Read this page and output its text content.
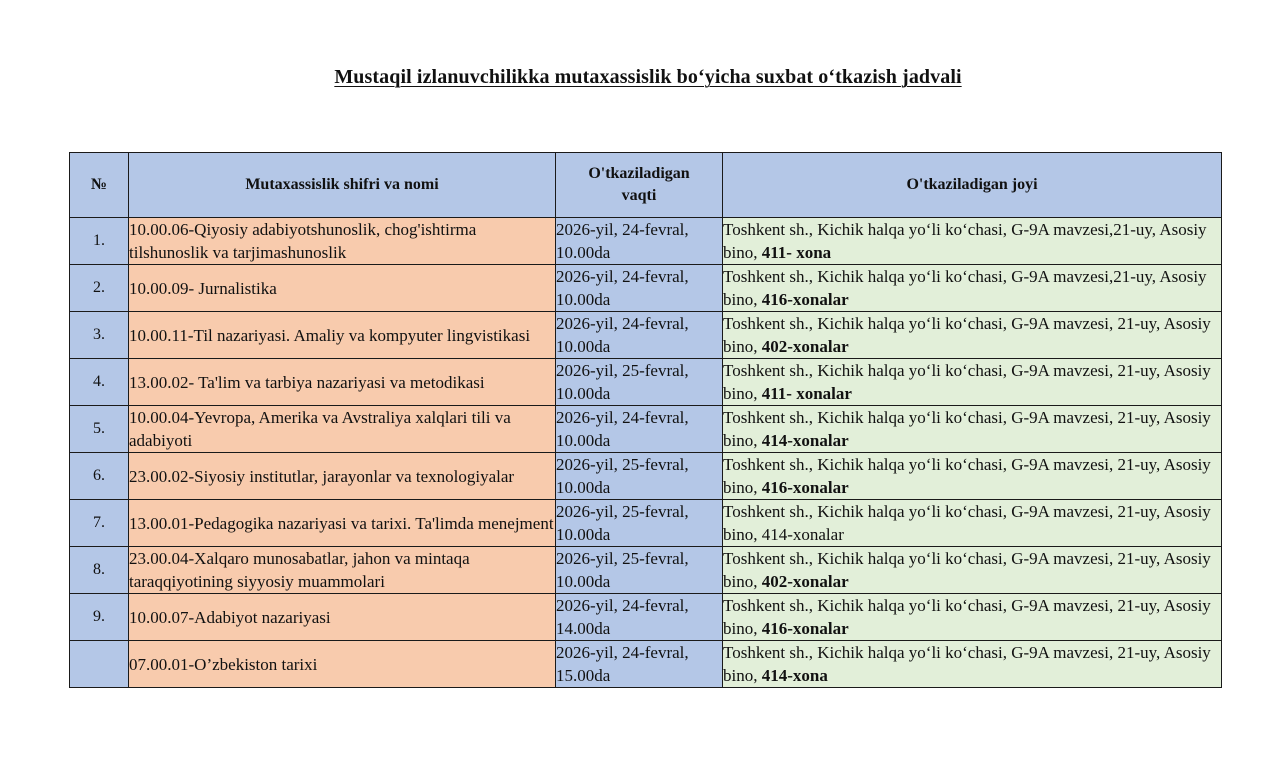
Mustaqil izlanuvchilikka mutaxassislik bo‘yicha suxbat o‘tkazish jadvali
№	Mutaxassislik shifri va nomi	O'tkaziladigan vaqti	O'tkaziladigan joyi
1.	10.00.06-Qiyosiy adabiyotshunoslik, chog'ishtirma tilshunoslik va tarjimashunoslik	2026-yil, 24-fevral, 10.00da	Toshkent sh., Kichik halqa yo‘li ko‘chasi, G-9A mavzesi,21-uy, Asosiy bino, 411- xona

2.	10.00.09- Jurnalistika	2026-yil, 24-fevral, 10.00da	Toshkent sh., Kichik halqa yo‘li ko‘chasi, G-9A mavzesi,21-uy, Asosiy bino, 416-xonalar

3.	10.00.11-Til nazariyasi. Amaliy va kompyuter lingvistikasi	2026-yil, 24-fevral, 10.00da	Toshkent sh., Kichik halqa yo‘li ko‘chasi, G-9A mavzesi, 21-uy, Asosiy bino, 402-xonalar

4.	13.00.02- Ta'lim va tarbiya nazariyasi va metodikasi	2026-yil, 25-fevral, 10.00da	Toshkent sh., Kichik halqa yo‘li ko‘chasi, G-9A mavzesi, 21-uy, Asosiy bino, 411- xonalar

5.	10.00.04-Yevropa, Amerika va Avstraliya xalqlari tili va adabiyoti	2026-yil, 24-fevral, 10.00da	Toshkent sh., Kichik halqa yo‘li ko‘chasi, G-9A mavzesi, 21-uy, Asosiy bino, 414-xonalar

6.	23.00.02-Siyosiy institutlar, jarayonlar va texnologiyalar	2026-yil, 25-fevral, 10.00da	Toshkent sh., Kichik halqa yo‘li ko‘chasi, G-9A mavzesi, 21-uy, Asosiy bino, 416-xonalar

7.	13.00.01-Pedagogika nazariyasi va tarixi. Ta'limda menejment	2026-yil, 25-fevral, 10.00da	Toshkent sh., Kichik halqa yo‘li ko‘chasi, G-9A mavzesi, 21-uy, Asosiy bino, 414-xonalar

8.	23.00.04-Xalqaro munosabatlar, jahon va mintaqa taraqqiyotining siyyosiy muammolari	2026-yil, 25-fevral, 10.00da	Toshkent sh., Kichik halqa yo‘li ko‘chasi, G-9A mavzesi, 21-uy, Asosiy bino, 402-xonalar

9.	10.00.07-Adabiyot nazariyasi	2026-yil, 24-fevral, 14.00da	Toshkent sh., Kichik halqa yo‘li ko‘chasi, G-9A mavzesi, 21-uy, Asosiy bino, 416-xonalar

	07.00.01-O’zbekiston tarixi	2026-yil, 24-fevral, 15.00da	Toshkent sh., Kichik halqa yo‘li ko‘chasi, G-9A mavzesi, 21-uy, Asosiy bino, 414-xona
